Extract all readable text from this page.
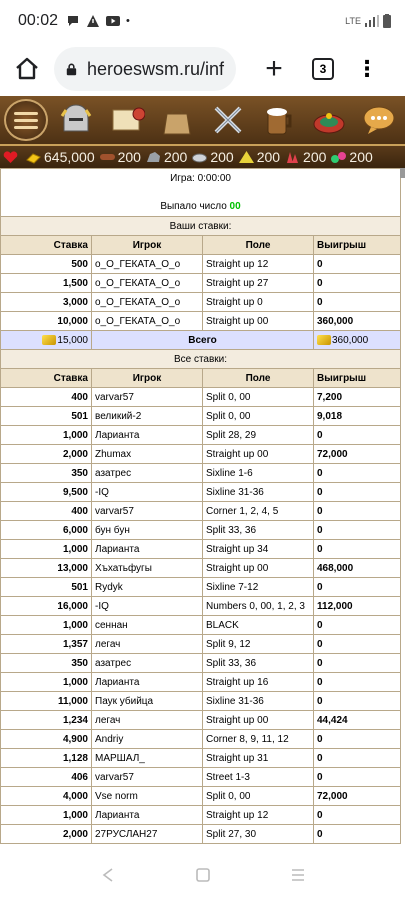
00:02	•	LTE
heroeswsm.ru/inf	+	3	⋮
645,000 200 200 200 200 200 200
Игра: 0:00:00			

Выпало число 00			
Ваши ставки:			
Ставка	Игрок	Поле	Выигрыш
500	o_O_ГЕКАТА_O_o	Straight up 12	0
1,500	o_O_ГЕКАТА_O_o	Straight up 27	0
3,000	o_O_ГЕКАТА_O_o	Straight up 0	0
10,000	o_O_ГЕКАТА_O_o	Straight up 00	360,000
15,000	Всего		360,000
Все ставки:			
Ставка	Игрок	Поле	Выигрыш
400	varvar57	Split 0, 00	7,200
501	великий-2	Split 0, 00	9,018
1,000	Ларианта	Split 28, 29	0
2,000	Zhumax	Straight up 00	72,000
350	азатрес	Sixline 1-6	0
9,500	-IQ	Sixline 31-36	0
400	varvar57	Corner 1, 2, 4, 5	0
6,000	бун бун	Split 33, 36	0
1,000	Ларианта	Straight up 34	0
13,000	Хъхатьфугы	Straight up 00	468,000
501	Rydyk	Sixline 7-12	0
16,000	-IQ	Numbers 0, 00, 1, 2, 3	112,000
1,000	сеннан	BLACK	0
1,357	легач	Split 9, 12	0
350	азатрес	Split 33, 36	0
1,000	Ларианта	Straight up 16	0
11,000	Паук убийца	Sixline 31-36	0
1,234	легач	Straight up 00	44,424
4,900	Andriy	Corner 8, 9, 11, 12	0
1,128	МАРШАЛ_	Straight up 31	0
406	varvar57	Street 1-3	0
4,000	Vse norm	Split 0, 00	72,000
1,000	Ларианта	Straight up 12	0
2,000	27РУСЛАН27	Split 27, 30	0
